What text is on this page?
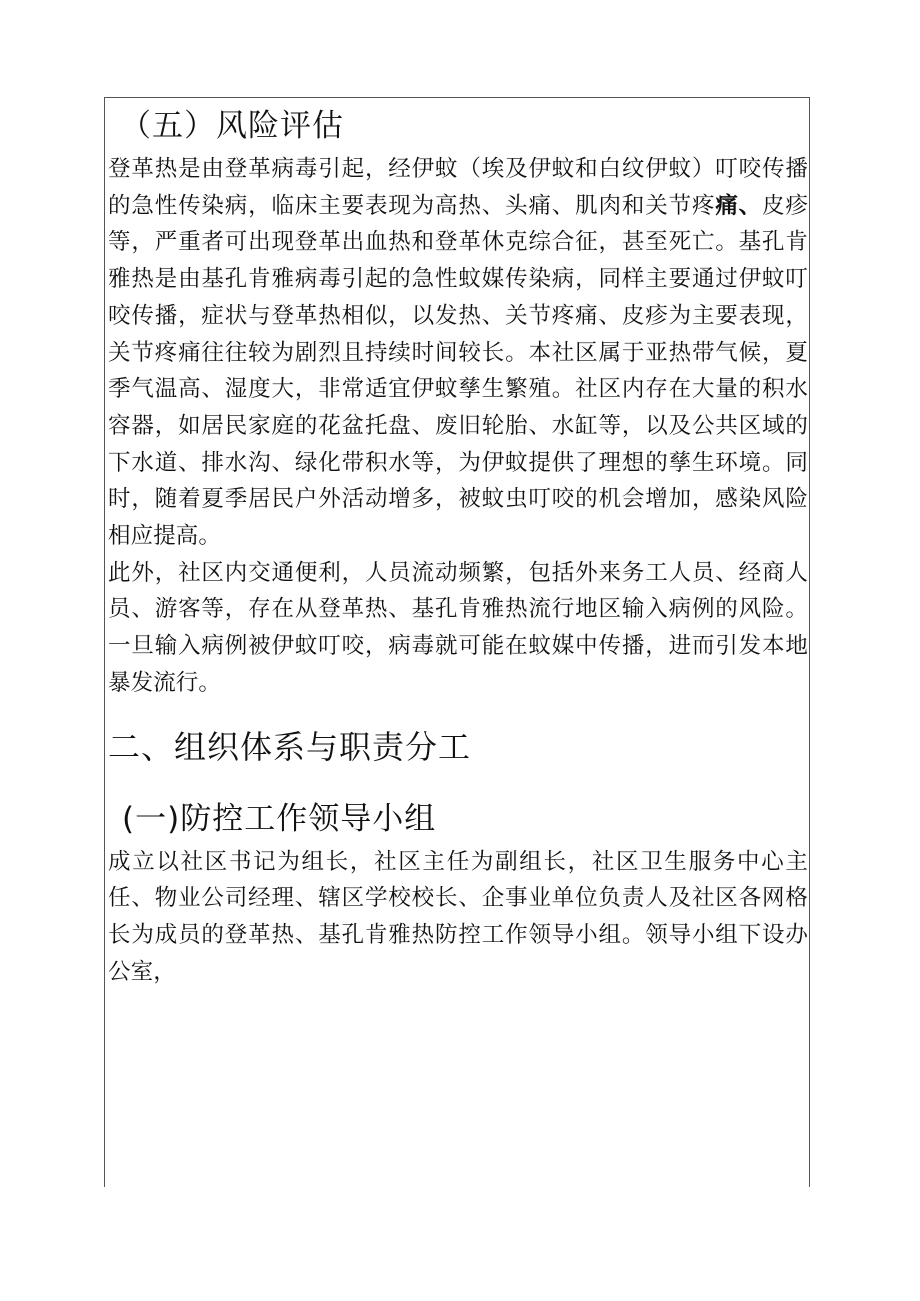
（五）风险评估

登革热是由登革病毒引起，经伊蚊（埃及伊蚊和白纹伊蚊）叮咬传播的急性传染病，临床主要表现为高热、头痛、肌肉和关节疼痛、皮疹等，严重者可出现登革出血热和登革休克综合征，甚至死亡。基孔肯雅热是由基孔肯雅病毒引起的急性蚊媒传染病，同样主要通过伊蚊叮咬传播，症状与登革热相似，以发热、关节疼痛、皮疹为主要表现，关节疼痛往往较为剧烈且持续时间较长。本社区属于亚热带气候，夏季气温高、湿度大，非常适宜伊蚊孳生繁殖。社区内存在大量的积水容器，如居民家庭的花盆托盘、废旧轮胎、水缸等，以及公共区域的下水道、排水沟、绿化带积水等，为伊蚊提供了理想的孳生环境。同时，随着夏季居民户外活动增多，被蚊虫叮咬的机会增加，感染风险相应提高。

此外，社区内交通便利，人员流动频繁，包括外来务工人员、经商人员、游客等，存在从登革热、基孔肯雅热流行地区输入病例的风险。一旦输入病例被伊蚊叮咬，病毒就可能在蚊媒中传播，进而引发本地暴发流行。

二、组织体系与职责分工
(一)防控工作领导小组

成立以社区书记为组长，社区主任为副组长，社区卫生服务中心主任、物业公司经理、辖区学校校长、企事业单位负责人及社区各网格长为成员的登革热、基孔肯雅热防控工作领导小组。领导小组下设办公室，
